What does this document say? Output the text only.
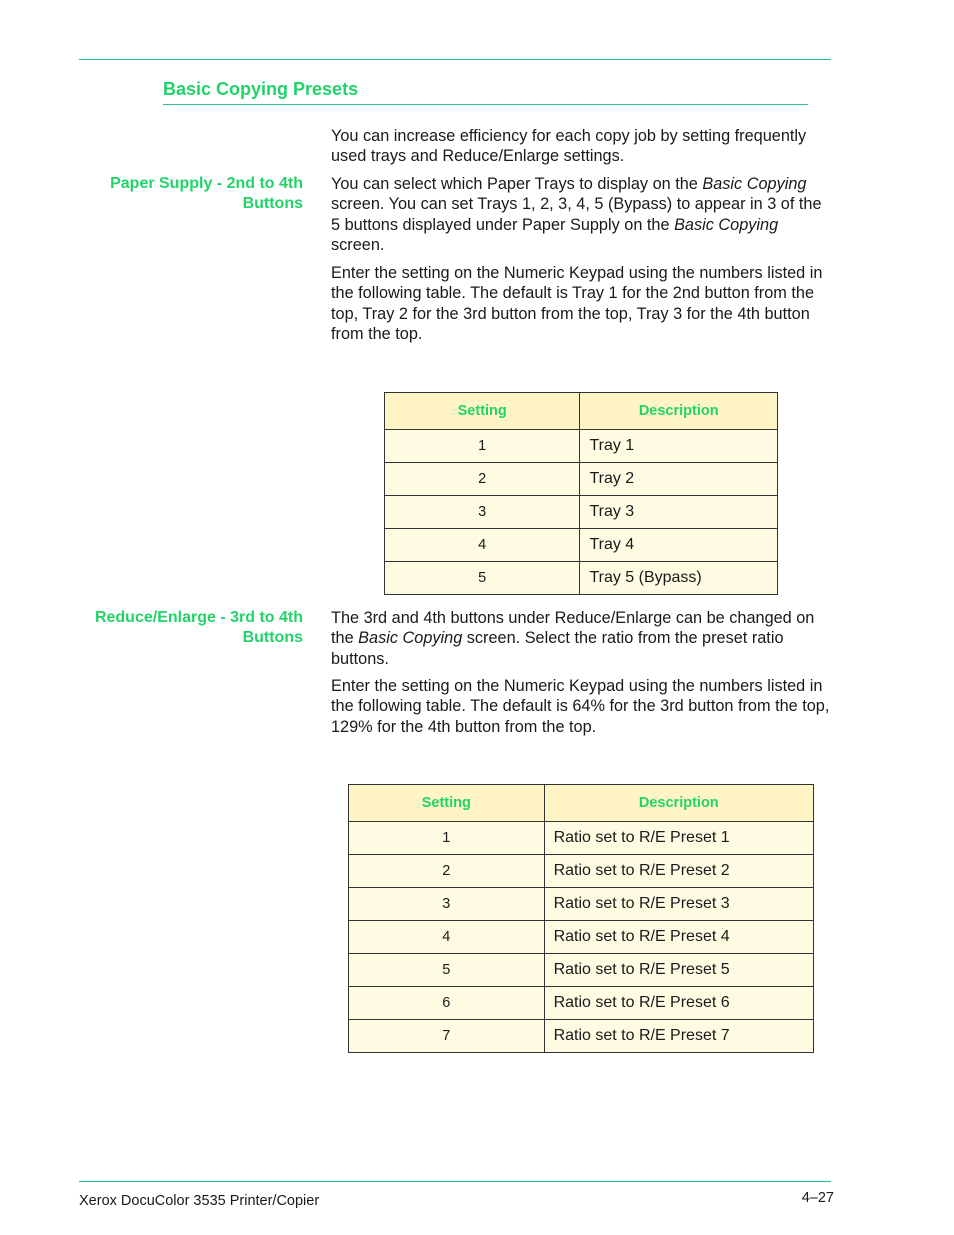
Basic Copying Presets

You can increase efficiency for each copy job by setting frequently used trays and Reduce/Enlarge settings.

Paper Supply - 2nd to 4th
Buttons

You can select which Paper Trays to display on the Basic Copying screen. You can set Trays 1, 2, 3, 4, 5 (Bypass) to appear in 3 of the 5 buttons displayed under Paper Supply on the Basic Copying screen.

Enter the setting on the Numeric Keypad using the numbers listed in the following table. The default is Tray 1 for the 2nd button from the top, Tray 2 for the 3rd button from the top, Tray 3 for the 4th button from the top.

Setting	Description
1	Tray 1
2	Tray 2
3	Tray 3
4	Tray 4
5	Tray 5 (Bypass)
Reduce/Enlarge - 3rd to 4th
Buttons

The 3rd and 4th buttons under Reduce/Enlarge can be changed on the Basic Copying screen. Select the ratio from the preset ratio buttons.

Enter the setting on the Numeric Keypad using the numbers listed in the following table. The default is 64% for the 3rd button from the top, 129% for the 4th button from the top.

Setting	Description
1	Ratio set to R/E Preset 1
2	Ratio set to R/E Preset 2
3	Ratio set to R/E Preset 3
4	Ratio set to R/E Preset 4
5	Ratio set to R/E Preset 5
6	Ratio set to R/E Preset 6
7	Ratio set to R/E Preset 7

Xerox DocuColor 3535 Printer/Copier	4–27
